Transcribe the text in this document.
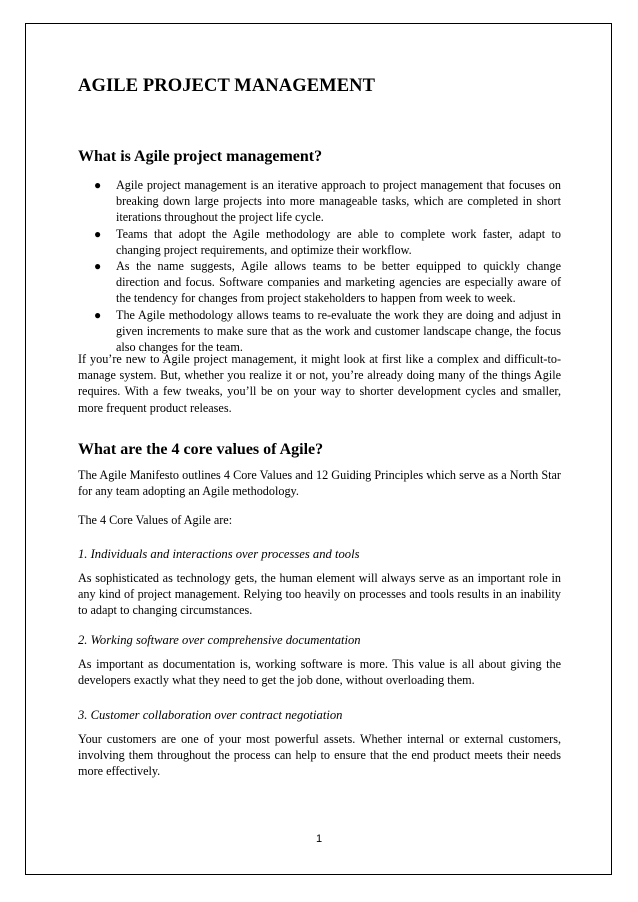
AGILE PROJECT MANAGEMENT
What is Agile project management?
● Agile project management is an iterative approach to project management that focuses on breaking down large projects into more manageable tasks, which are completed in short iterations throughout the project life cycle.
● Teams that adopt the Agile methodology are able to complete work faster, adapt to changing project requirements, and optimize their workflow.
● As the name suggests, Agile allows teams to be better equipped to quickly change direction and focus. Software companies and marketing agencies are especially aware of the tendency for changes from project stakeholders to happen from week to week.
● The Agile methodology allows teams to re-evaluate the work they are doing and adjust in given increments to make sure that as the work and customer landscape change, the focus also changes for the team.

If you’re new to Agile project management, it might look at first like a complex and difficult-to-manage system. But, whether you realize it or not, you’re already doing many of the things Agile requires. With a few tweaks, you’ll be on your way to shorter development cycles and smaller, more frequent product releases.

What are the 4 core values of Agile?

The Agile Manifesto outlines 4 Core Values and 12 Guiding Principles which serve as a North Star for any team adopting an Agile methodology.

The 4 Core Values of Agile are:

1. Individuals and interactions over processes and tools

As sophisticated as technology gets, the human element will always serve as an important role in any kind of project management. Relying too heavily on processes and tools results in an inability to adapt to changing circumstances.

2. Working software over comprehensive documentation

As important as documentation is, working software is more. This value is all about giving the developers exactly what they need to get the job done, without overloading them.

3. Customer collaboration over contract negotiation

Your customers are one of your most powerful assets. Whether internal or external customers, involving them throughout the process can help to ensure that the end product meets their needs more effectively.

1
